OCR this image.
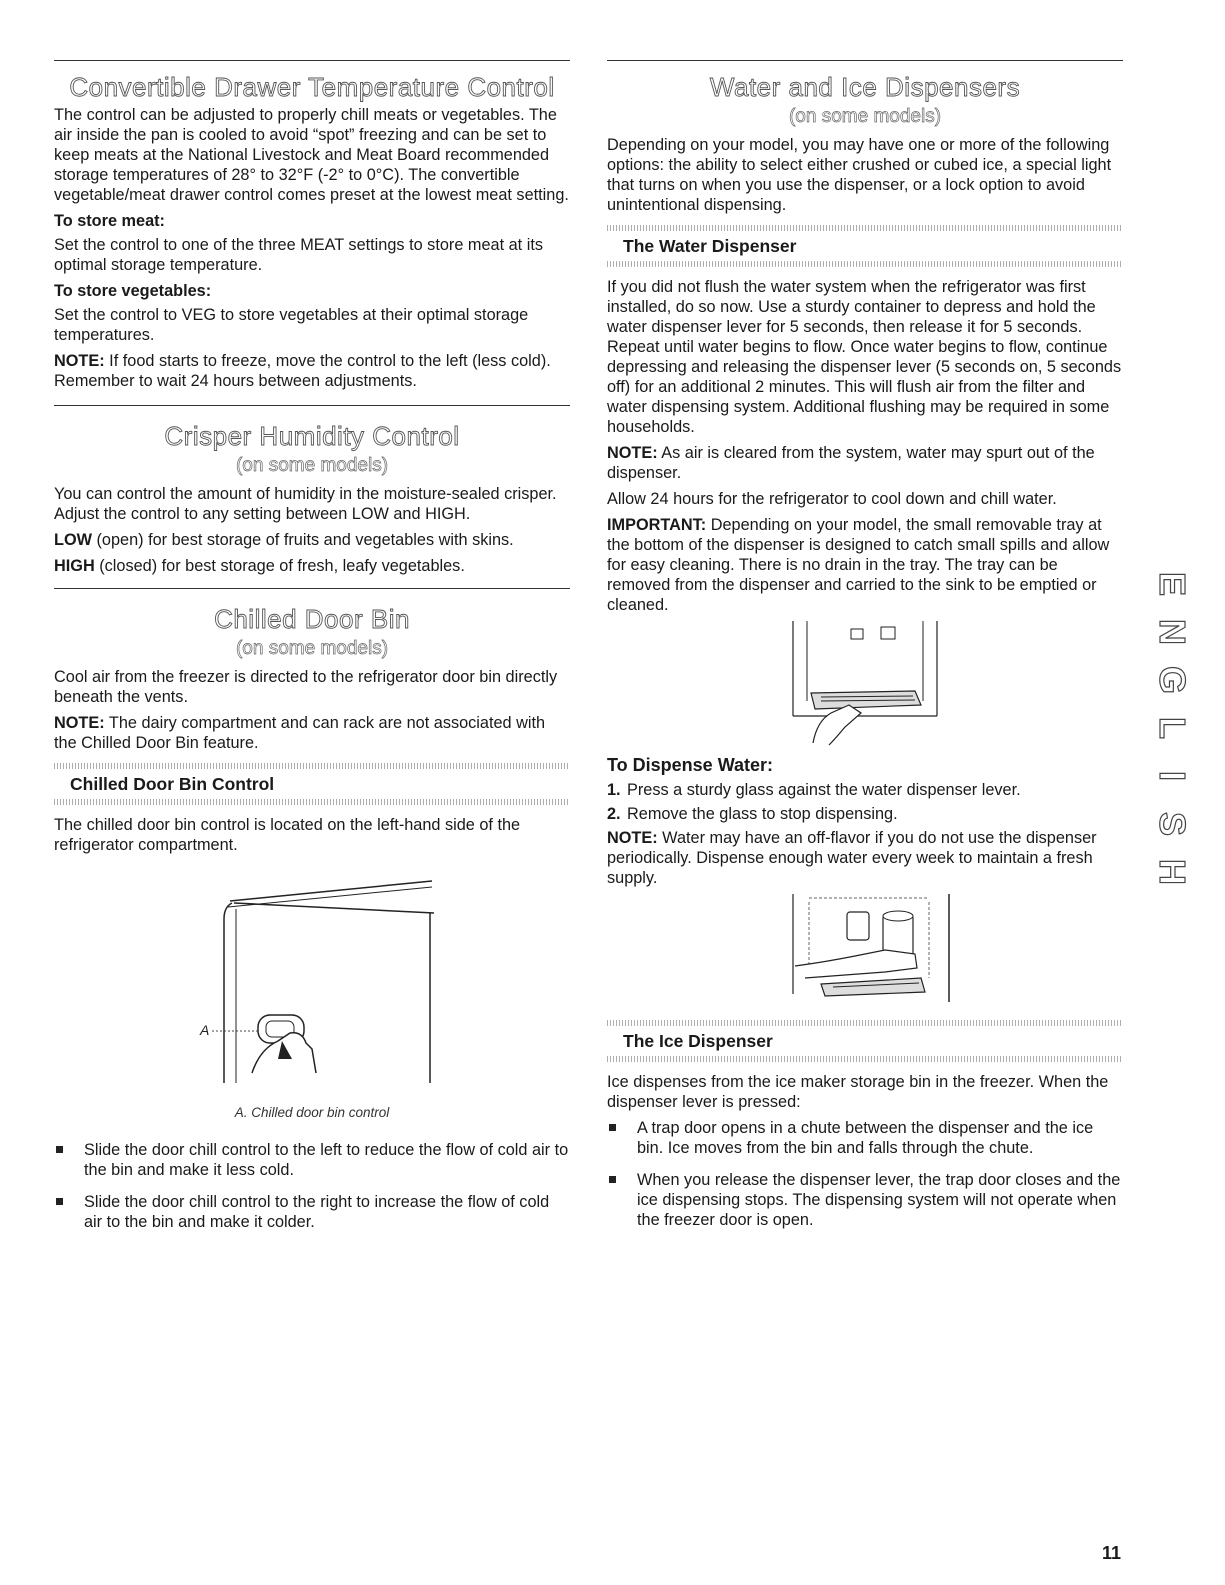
Convertible Drawer Temperature Control

The control can be adjusted to properly chill meats or vegetables. The air inside the pan is cooled to avoid “spot” freezing and can be set to keep meats at the National Livestock and Meat Board recommended storage temperatures of 28° to 32°F (-2° to 0°C). The convertible vegetable/meat drawer control comes preset at the lowest meat setting.

To store meat:

Set the control to one of the three MEAT settings to store meat at its optimal storage temperature.

To store vegetables:

Set the control to VEG to store vegetables at their optimal storage temperatures.

NOTE: If food starts to freeze, move the control to the left (less cold). Remember to wait 24 hours between adjustments.

Crisper Humidity Control
(on some models)

You can control the amount of humidity in the moisture-sealed crisper. Adjust the control to any setting between LOW and HIGH.

LOW (open) for best storage of fruits and vegetables with skins.

HIGH (closed) for best storage of fresh, leafy vegetables.

Chilled Door Bin
(on some models)

Cool air from the freezer is directed to the refrigerator door bin directly beneath the vents.

NOTE: The dairy compartment and can rack are not associated with the Chilled Door Bin feature.

Chilled Door Bin Control

The chilled door bin control is located on the left-hand side of the refrigerator compartment.

A
A. Chilled door bin control
Slide the door chill control to the left to reduce the flow of cold air to the bin and make it less cold.
Slide the door chill control to the right to increase the flow of cold air to the bin and make it colder.
Water and Ice Dispensers
(on some models)

Depending on your model, you may have one or more of the following options: the ability to select either crushed or cubed ice, a special light that turns on when you use the dispenser, or a lock option to avoid unintentional dispensing.

The Water Dispenser

If you did not flush the water system when the refrigerator was first installed, do so now. Use a sturdy container to depress and hold the water dispenser lever for 5 seconds, then release it for 5 seconds. Repeat until water begins to flow. Once water begins to flow, continue depressing and releasing the dispenser lever (5 seconds on, 5 seconds off) for an additional 2 minutes. This will flush air from the filter and water dispensing system. Additional flushing may be required in some households.

NOTE: As air is cleared from the system, water may spurt out of the dispenser.

Allow 24 hours for the refrigerator to cool down and chill water.

IMPORTANT: Depending on your model, the small removable tray at the bottom of the dispenser is designed to catch small spills and allow for easy cleaning. There is no drain in the tray. The tray can be removed from the dispenser and carried to the sink to be emptied or cleaned.

To Dispense Water:
1. Press a sturdy glass against the water dispenser lever.
2. Remove the glass to stop dispensing.

NOTE: Water may have an off-flavor if you do not use the dispenser periodically. Dispense enough water every week to maintain a fresh supply.

The Ice Dispenser

Ice dispenses from the ice maker storage bin in the freezer. When the dispenser lever is pressed:

A trap door opens in a chute between the dispenser and the ice bin. Ice moves from the bin and falls through the chute.
When you release the dispenser lever, the trap door closes and the ice dispensing stops. The dispensing system will not operate when the freezer door is open.
E
N
G
L
I
S
H
11
